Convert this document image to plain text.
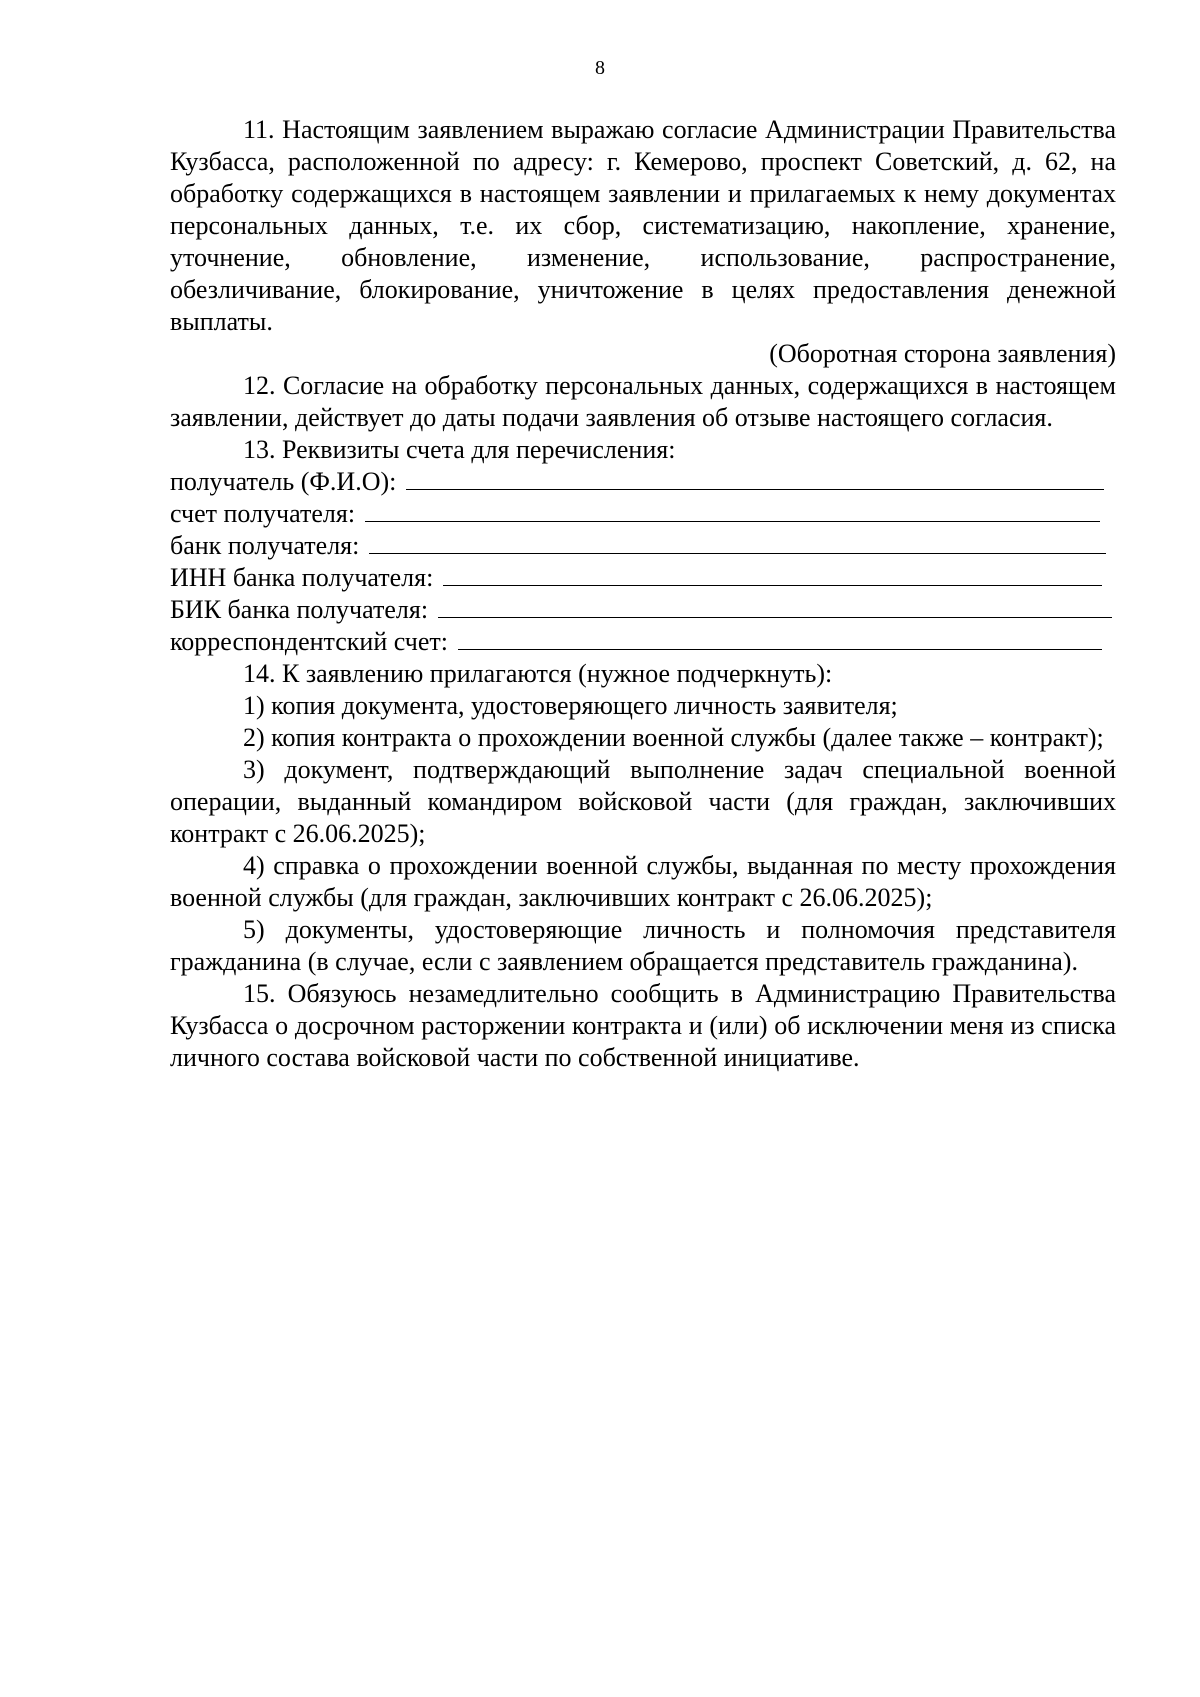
8

11. Настоящим заявлением выражаю согласие Администрации Правительства Кузбасса, расположенной по адресу: г. Кемерово, проспект Советский, д. 62, на обработку содержащихся в настоящем заявлении и прилагаемых к нему документах персональных данных, т.е. их сбор, систематизацию, накопление, хранение, уточнение, обновление, изменение, использование, распространение, обезличивание, блокирование, уничтожение в целях предоставления денежной выплаты.

(Оборотная сторона заявления)

12. Согласие на обработку персональных данных, содержащихся в настоящем заявлении, действует до даты подачи заявления об отзыве настоящего согласия.

13. Реквизиты счета для перечисления:

получатель (Ф.И.О):
счет получателя:
банк получателя:
ИНН банка получателя:
БИК банка получателя:
корреспондентский счет:

14. К заявлению прилагаются (нужное подчеркнуть):

1) копия документа, удостоверяющего личность заявителя;

2) копия контракта о прохождении военной службы (далее также – контракт);

3) документ, подтверждающий выполнение задач специальной военной операции, выданный командиром войсковой части (для граждан, заключивших контракт с 26.06.2025);

4) справка о прохождении военной службы, выданная по месту прохождения военной службы (для граждан, заключивших контракт с 26.06.2025);

5) документы, удостоверяющие личность и полномочия представителя гражданина (в случае, если с заявлением обращается представитель гражданина).

15. Обязуюсь незамедлительно сообщить в Администрацию Правительства Кузбасса о досрочном расторжении контракта и (или) об исключении меня из списка личного состава войсковой части по собственной инициативе.
